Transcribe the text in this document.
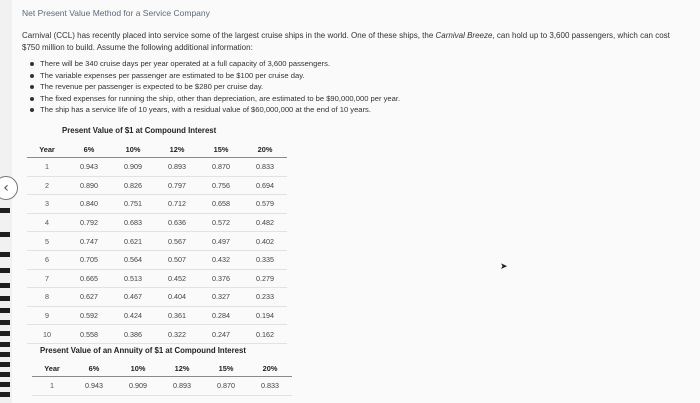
‹
Net Present Value Method for a Service Company

Carnival (CCL) has recently placed into service some of the largest cruise ships in the world. One of these ships, the Carnival Breeze, can hold up to 3,600 passengers, which can cost $750 million to build. Assume the following additional information:

There will be 340 cruise days per year operated at a full capacity of 3,600 passengers.
The variable expenses per passenger are estimated to be $100 per cruise day.
The revenue per passenger is expected to be $280 per cruise day.
The fixed expenses for running the ship, other than depreciation, are estimated to be $90,000,000 per year.
The ship has a service life of 10 years, with a residual value of $60,000,000 at the end of 10 years.
Present Value of $1 at Compound Interest
Year	6%	10%	12%	15%	20%
1	0.943	0.909	0.893	0.870	0.833
2	0.890	0.826	0.797	0.756	0.694
3	0.840	0.751	0.712	0.658	0.579
4	0.792	0.683	0.636	0.572	0.482
5	0.747	0.621	0.567	0.497	0.402
6	0.705	0.564	0.507	0.432	0.335
7	0.665	0.513	0.452	0.376	0.279
8	0.627	0.467	0.404	0.327	0.233
9	0.592	0.424	0.361	0.284	0.194
10	0.558	0.386	0.322	0.247	0.162
Present Value of an Annuity of $1 at Compound Interest
Year	6%	10%	12%	15%	20%
1	0.943	0.909	0.893	0.870	0.833
➤
